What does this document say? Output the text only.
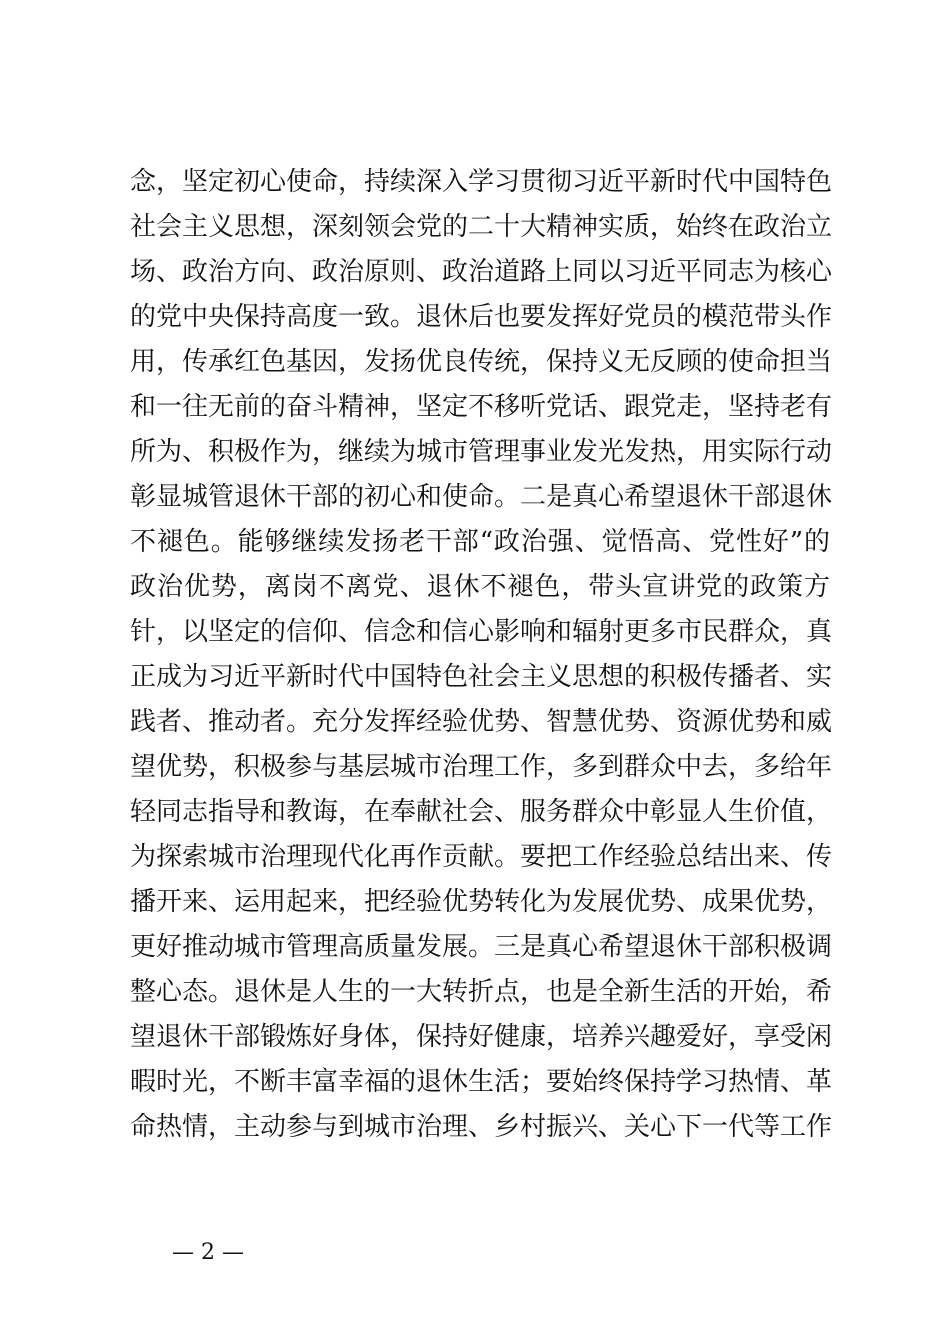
念，坚定初心使命，持续深入学习贯彻习近平新时代中国特色
社会主义思想，深刻领会党的二十大精神实质，始终在政治立
场、政治方向、政治原则、政治道路上同以习近平同志为核心
的党中央保持高度一致。退休后也要发挥好党员的模范带头作
用，传承红色基因，发扬优良传统，保持义无反顾的使命担当
和一往无前的奋斗精神，坚定不移听党话、跟党走，坚持老有
所为、积极作为，继续为城市管理事业发光发热，用实际行动
彰显城管退休干部的初心和使命。二是真心希望退休干部退休
不褪色。能够继续发扬老干部“政治强、觉悟高、党性好”的
政治优势，离岗不离党、退休不褪色，带头宣讲党的政策方
针，以坚定的信仰、信念和信心影响和辐射更多市民群众，真
正成为习近平新时代中国特色社会主义思想的积极传播者、实
践者、推动者。充分发挥经验优势、智慧优势、资源优势和威
望优势，积极参与基层城市治理工作，多到群众中去，多给年
轻同志指导和教诲，在奉献社会、服务群众中彰显人生价值，
为探索城市治理现代化再作贡献。要把工作经验总结出来、传
播开来、运用起来，把经验优势转化为发展优势、成果优势，
更好推动城市管理高质量发展。三是真心希望退休干部积极调
整心态。退休是人生的一大转折点，也是全新生活的开始，希
望退休干部锻炼好身体，保持好健康，培养兴趣爱好，享受闲
暇时光，不断丰富幸福的退休生活；要始终保持学习热情、革
命热情，主动参与到城市治理、乡村振兴、关心下一代等工作
— 2 —
